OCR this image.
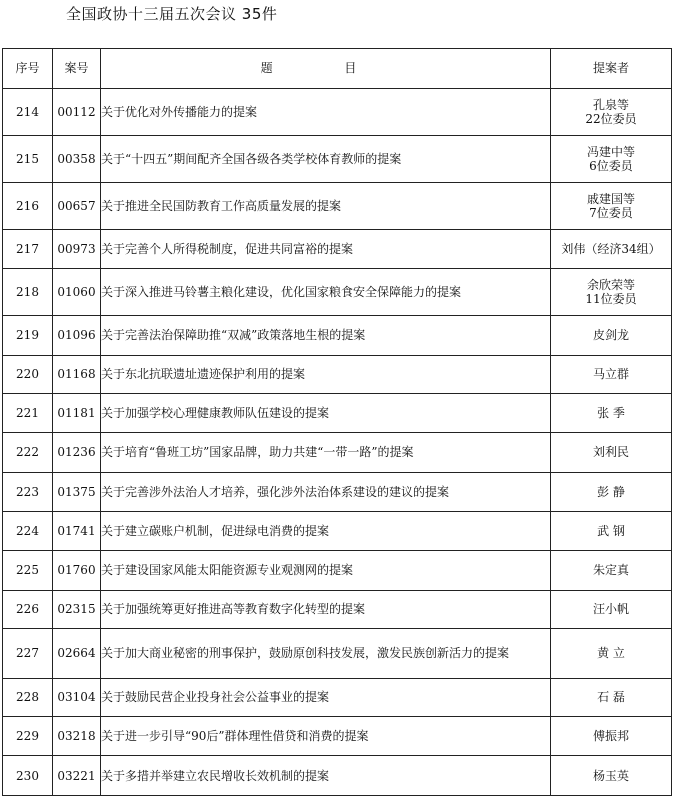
全国政协十三届五次会议 35件
序号	案号	题 目	提案者
214	00112	关于优化对外传播能力的提案	孔泉等
22位委员

215	00358	关于“十四五”期间配齐全国各级各类学校体育教师的提案	冯建中等
6位委员

216	00657	关于推进全民国防教育工作高质量发展的提案	戚建国等
7位委员

217	00973	关于完善个人所得税制度，促进共同富裕的提案	刘伟（经济34组）

218	01060	关于深入推进马铃薯主粮化建设，优化国家粮食安全保障能力的提案	余欣荣等
11位委员

219	01096	关于完善法治保障助推“双减”政策落地生根的提案	皮剑龙

220	01168	关于东北抗联遗址遗迹保护利用的提案	马立群

221	01181	关于加强学校心理健康教师队伍建设的提案	张 季

222	01236	关于培育“鲁班工坊”国家品牌，助力共建“一带一路”的提案	刘利民

223	01375	关于完善涉外法治人才培养，强化涉外法治体系建设的建议的提案	彭 静

224	01741	关于建立碳账户机制，促进绿电消费的提案	武 钢

225	01760	关于建设国家风能太阳能资源专业观测网的提案	朱定真

226	02315	关于加强统筹更好推进高等教育数字化转型的提案	汪小帆

227	02664	关于加大商业秘密的刑事保护，鼓励原创科技发展，激发民族创新活力的提案	黄 立

228	03104	关于鼓励民营企业投身社会公益事业的提案	石 磊

229	03218	关于进一步引导“90后”群体理性借贷和消费的提案	傅振邦

230	03221	关于多措并举建立农民增收长效机制的提案	杨玉英
